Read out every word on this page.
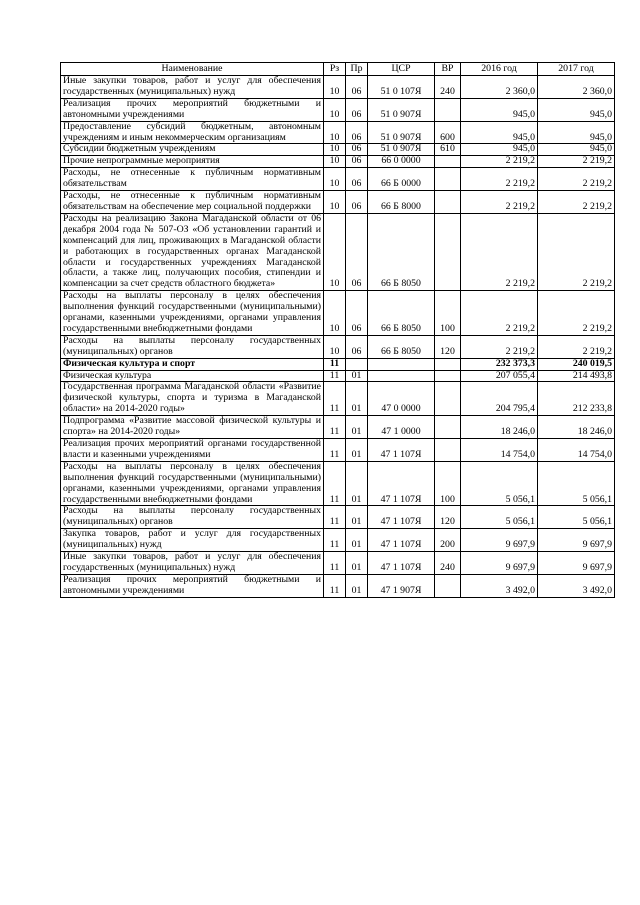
Наименование	Рз	Пр	ЦСР	ВР	2016 год	2017 год
Иные закупки товаров, работ и услуг для обеспечения государственных (муниципальных) нужд	10	06	51 0 107Я	240	2 360,0	2 360,0
Реализация прочих мероприятий бюджетными и автономными учреждениями	10	06	51 0 907Я		945,0	945,0
Предоставление субсидий бюджетным, автономным учреждениям и иным некоммерческим организациям	10	06	51 0 907Я	600	945,0	945,0
Субсидии бюджетным учреждениям	10	06	51 0 907Я	610	945,0	945,0
Прочие непрограммные мероприятия	10	06	66 0 0000		2 219,2	2 219,2
Расходы, не отнесенные к публичным нормативным обязательствам	10	06	66 Б 0000		2 219,2	2 219,2
Расходы, не отнесенные к публичным нормативным обязательствам на обеспечение мер социальной поддержки	10	06	66 Б 8000		2 219,2	2 219,2
Расходы на реализацию Закона Магаданской области от 06 декабря 2004 года № 507-ОЗ «Об установлении гарантий и компенсаций для лиц, проживающих в Магаданской области и работающих в государственных органах Магаданской области и государственных учреждениях Магаданской области, а также лиц, получающих пособия, стипендии и компенсации за счет средств областного бюджета»	10	06	66 Б 8050		2 219,2	2 219,2
Расходы на выплаты персоналу в целях обеспечения выполнения функций государственными (муниципальными) органами, казенными учреждениями, органами управления государственными внебюджетными фондами	10	06	66 Б 8050	100	2 219,2	2 219,2
Расходы на выплаты персоналу государственных (муниципальных) органов	10	06	66 Б 8050	120	2 219,2	2 219,2
Физическая культура и спорт	11				232 373,3	240 019,5
Физическая культура	11	01			207 055,4	214 493,8
Государственная программа Магаданской области «Развитие физической культуры, спорта и туризма в Магаданской области» на 2014-2020 годы»	11	01	47 0 0000		204 795,4	212 233,8
Подпрограмма «Развитие массовой физической культуры и спорта» на 2014-2020 годы»	11	01	47 1 0000		18 246,0	18 246,0
Реализация прочих мероприятий органами государственной власти и казенными учреждениями	11	01	47 1 107Я		14 754,0	14 754,0
Расходы на выплаты персоналу в целях обеспечения выполнения функций государственными (муниципальными) органами, казенными учреждениями, органами управления государственными внебюджетными фондами	11	01	47 1 107Я	100	5 056,1	5 056,1
Расходы на выплаты персоналу государственных (муниципальных) органов	11	01	47 1 107Я	120	5 056,1	5 056,1
Закупка товаров, работ и услуг для государственных (муниципальных) нужд	11	01	47 1 107Я	200	9 697,9	9 697,9
Иные закупки товаров, работ и услуг для обеспечения государственных (муниципальных) нужд	11	01	47 1 107Я	240	9 697,9	9 697,9
Реализация прочих мероприятий бюджетными и автономными учреждениями	11	01	47 1 907Я		3 492,0	3 492,0
